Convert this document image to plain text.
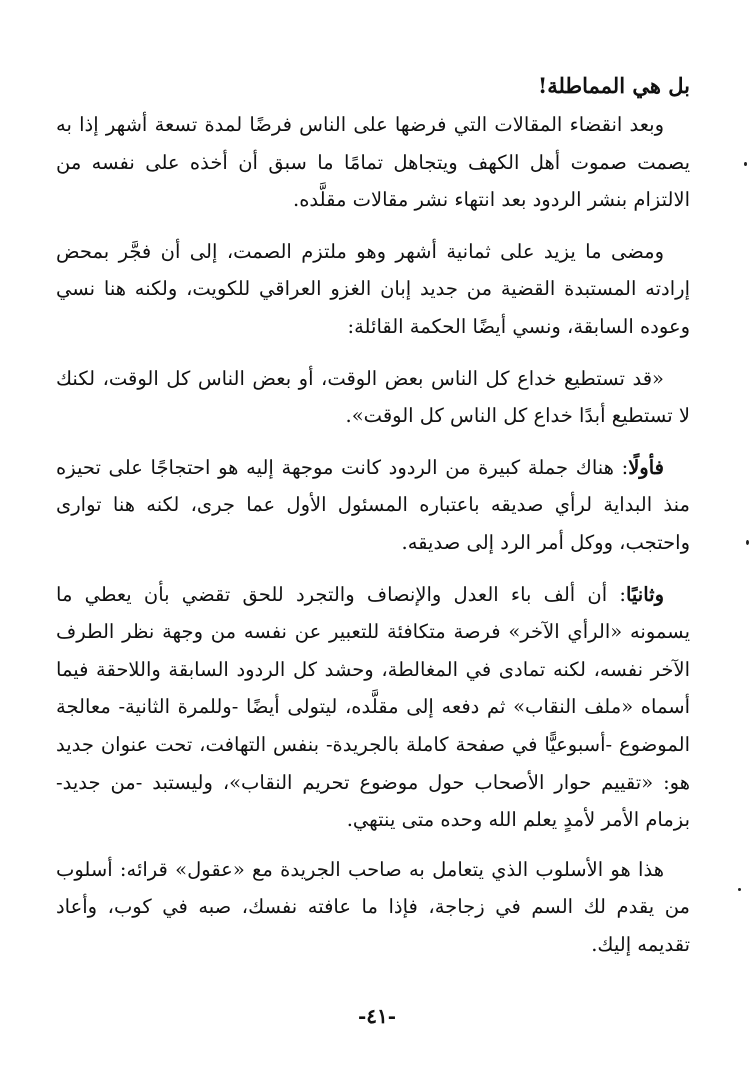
بل هي المماطلة!

وبعد انقضاء المقالات التي فرضها على الناس فرضًا لمدة تسعة أشهر إذا به يصمت صموت أهل الكهف ويتجاهل تمامًا ما سبق أن أخذه على نفسه من الالتزام بنشر الردود بعد انتهاء نشر مقالات مقلَّده.

ومضى ما يزيد على ثمانية أشهر وهو ملتزم الصمت، إلى أن فجَّر بمحض إرادته المستبدة القضية من جديد إبان الغزو العراقي للكويت، ولكنه هنا نسي وعوده السابقة، ونسي أيضًا الحكمة القائلة:

«قد تستطيع خداع كل الناس بعض الوقت، أو بعض الناس كل الوقت، لكنك لا تستطيع أبدًا خداع كل الناس كل الوقت».

فأولًا: هناك جملة كبيرة من الردود كانت موجهة إليه هو احتجاجًا على تحيزه منذ البداية لرأي صديقه باعتباره المسئول الأول عما جرى، لكنه هنا توارى واحتجب، ووكل أمر الرد إلى صديقه.

وثانيًا: أن ألف باء العدل والإنصاف والتجرد للحق تقضي بأن يعطي ما يسمونه «الرأي الآخر» فرصة متكافئة للتعبير عن نفسه من وجهة نظر الطرف الآخر نفسه، لكنه تمادى في المغالطة، وحشد كل الردود السابقة واللاحقة فيما أسماه «ملف النقاب» ثم دفعه إلى مقلَّده، ليتولى أيضًا -وللمرة الثانية- معالجة الموضوع -أسبوعيًّا في صفحة كاملة بالجريدة- بنفس التهافت، تحت عنوان جديد هو: «تقييم حوار الأصحاب حول موضوع تحريم النقاب»، وليستبد -من جديد- بزمام الأمر لأمدٍ يعلم الله وحده متى ينتهي.

هذا هو الأسلوب الذي يتعامل به صاحب الجريدة مع «عقول» قرائه: أسلوب من يقدم لك السم في زجاجة، فإذا ما عافته نفسك، صبه في كوب، وأعاد تقديمه إليك.

-٤١-
